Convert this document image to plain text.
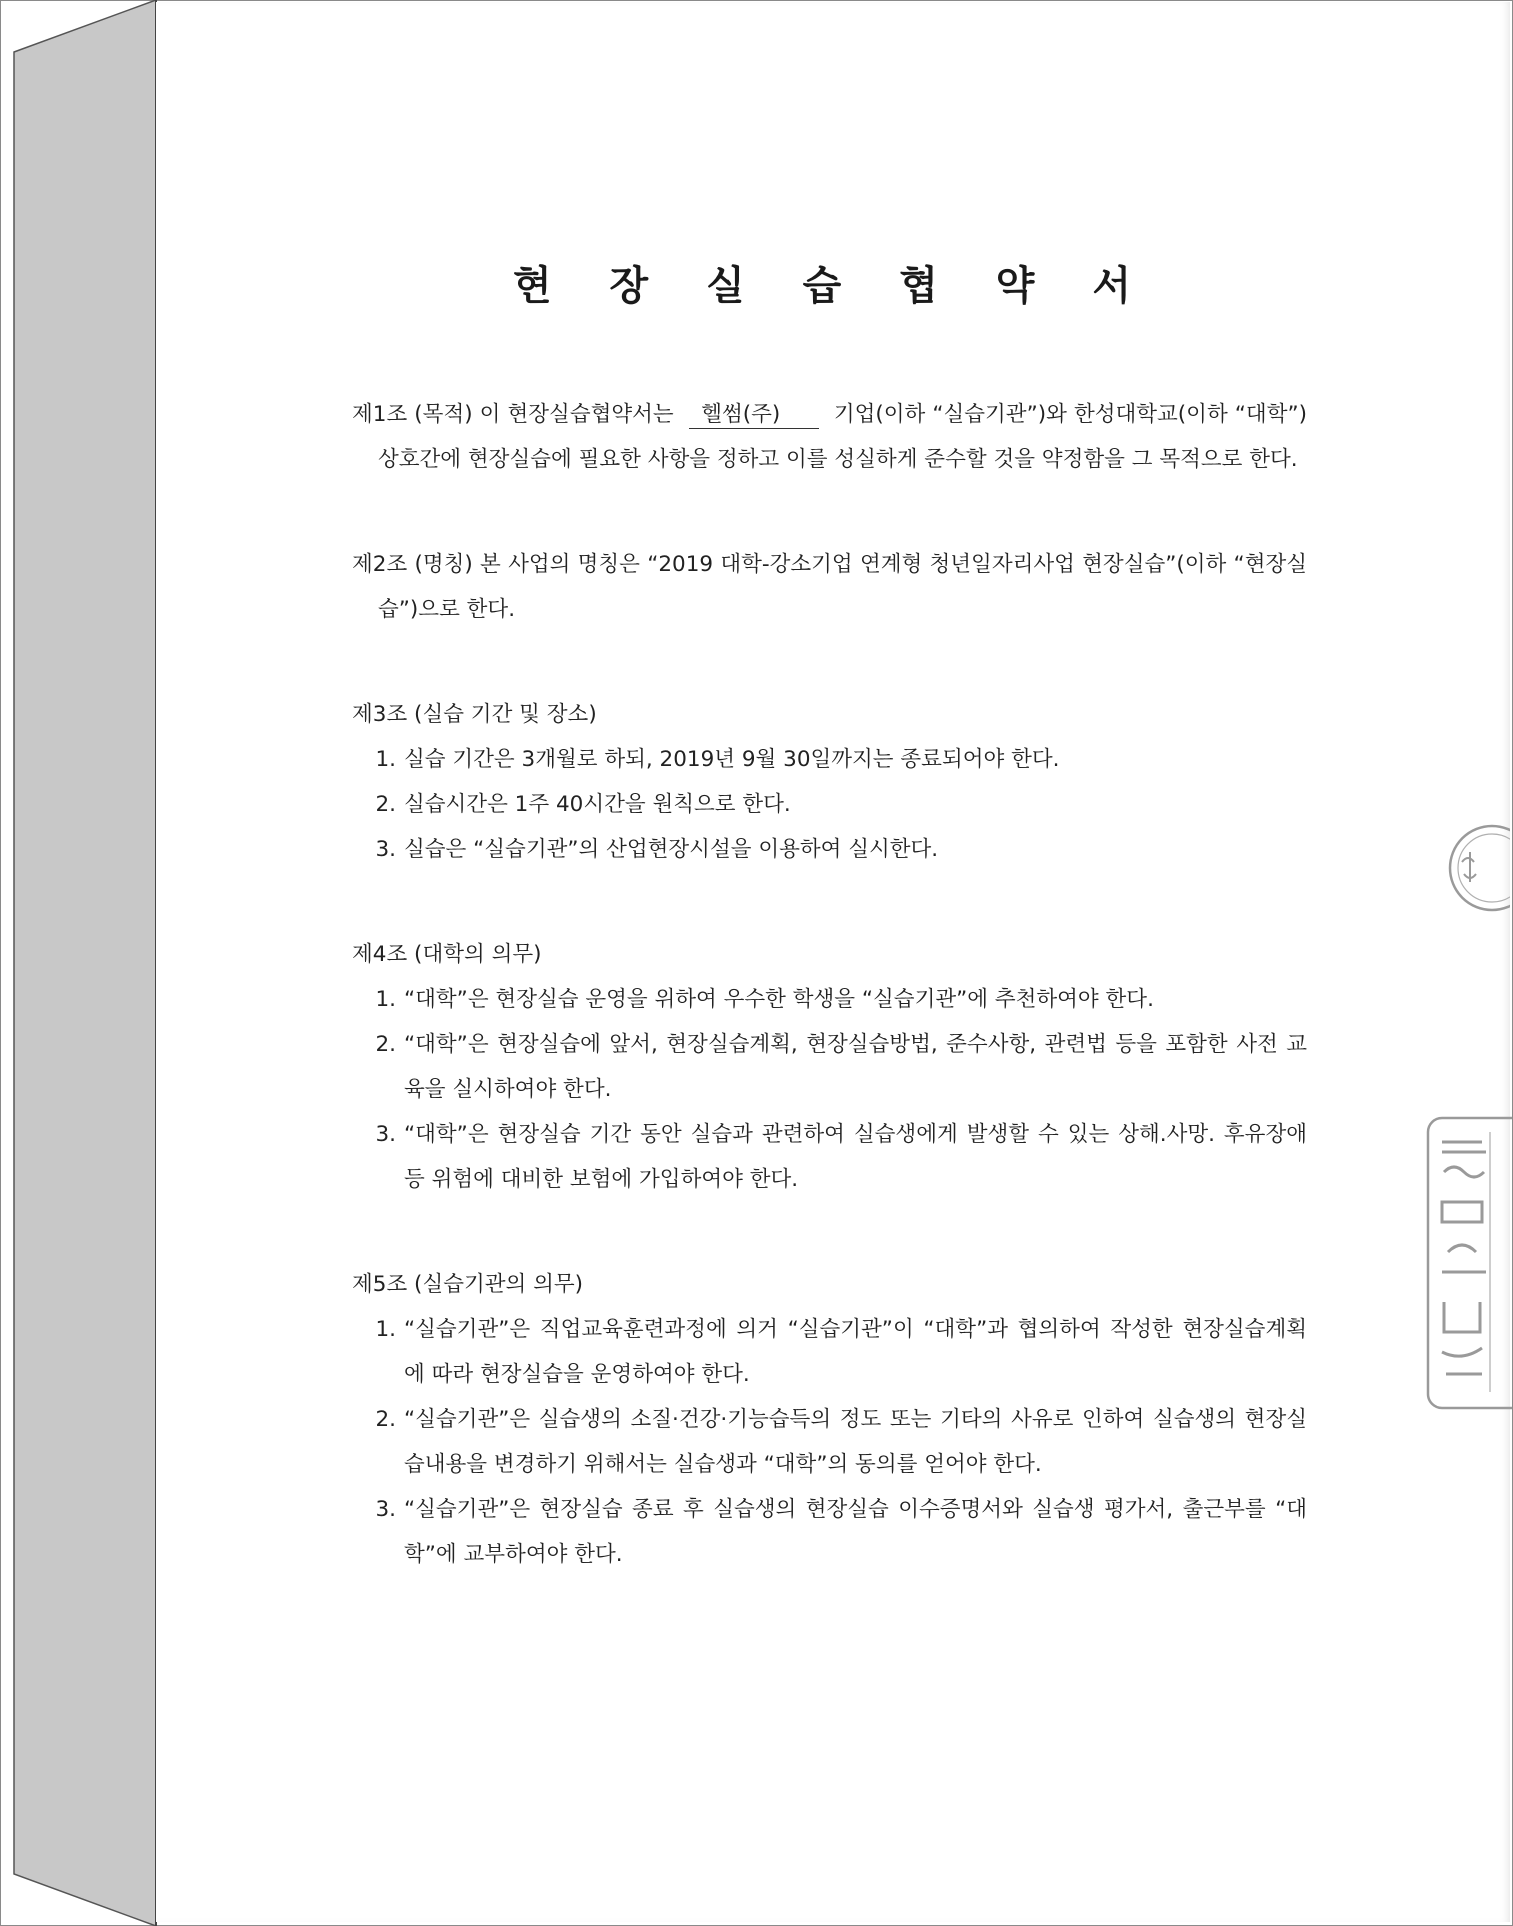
현 장 실 습 협 약 서
제1조 (목적) 이 현장실습협약서는 헬썸(주) 기업(이하 “실습기관”)와 한성대학교(이하 “대학”)상호간에 현장실습에 필요한 사항을 정하고 이를 성실하게 준수할 것을 약정함을 그 목적으로 한다.
제2조 (명칭) 본 사업의 명칭은 “2019 대학-강소기업 연계형 청년일자리사업 현장실습”(이하 “현장실습”)으로 한다.
제3조 (실습 기간 및 장소)
1. 실습 기간은 3개월로 하되, 2019년 9월 30일까지는 종료되어야 한다.
2. 실습시간은 1주 40시간을 원칙으로 한다.
3. 실습은 “실습기관”의 산업현장시설을 이용하여 실시한다.
제4조 (대학의 의무)
1. “대학”은 현장실습 운영을 위하여 우수한 학생을 “실습기관”에 추천하여야 한다.
2. “대학”은 현장실습에 앞서, 현장실습계획, 현장실습방법, 준수사항, 관련법 등을 포함한 사전 교육을 실시하여야 한다.
3. “대학”은 현장실습 기간 동안 실습과 관련하여 실습생에게 발생할 수 있는 상해.사망. 후유장애 등 위험에 대비한 보험에 가입하여야 한다.
제5조 (실습기관의 의무)
1. “실습기관”은 직업교육훈련과정에 의거 “실습기관”이 “대학”과 협의하여 작성한 현장실습계획에 따라 현장실습을 운영하여야 한다.
2. “실습기관”은 실습생의 소질·건강·기능습득의 정도 또는 기타의 사유로 인하여 실습생의 현장실습내용을 변경하기 위해서는 실습생과 “대학”의 동의를 얻어야 한다.
3. “실습기관”은 현장실습 종료 후 실습생의 현장실습 이수증명서와 실습생 평가서, 출근부를 “대학”에 교부하여야 한다.
